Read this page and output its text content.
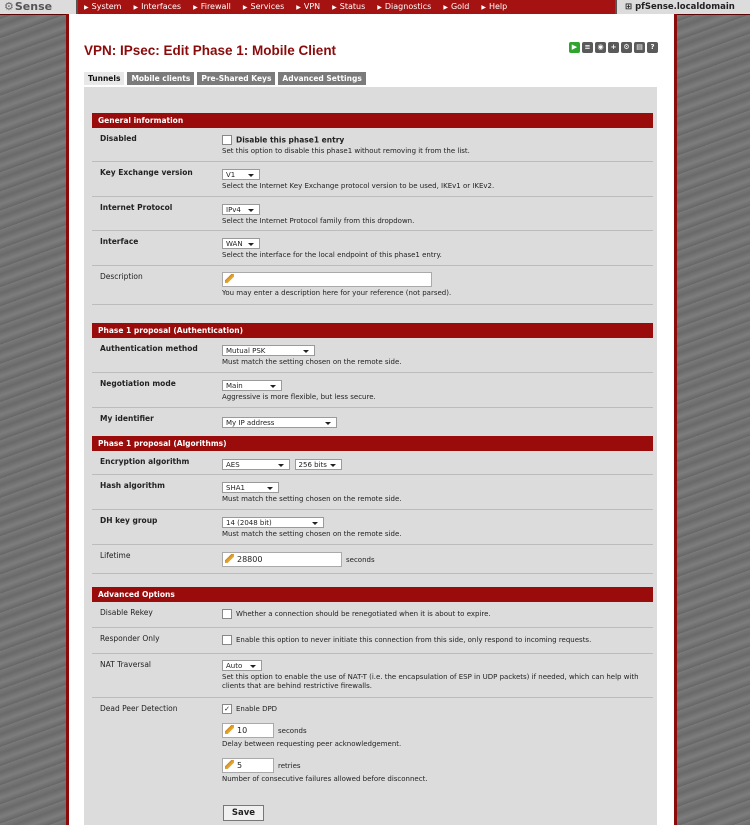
⚙Sense	▶ System ▶ Interfaces ▶ Firewall ▶ Services ▶ VPN ▶ Status ▶ Diagnostics ▶ Gold ▶ Help	⊞ pfSense.localdomain
VPN: IPsec: Edit Phase 1: Mobile Client	▶	≡	◉	+ ⚙ ▤	?
Tunnels	Mobile clients	Pre-Shared Keys	Advanced Settings
General information
Disabled	Disable this phase1 entry
Set this option to disable this phase1 without removing it from the list.
Key Exchange version	V1
Select the Internet Key Exchange protocol version to be used, IKEv1 or IKEv2.
Internet Protocol	IPv4
Select the Internet Protocol family from this dropdown.
Interface	WAN
Select the interface for the local endpoint of this phase1 entry.
Description
You may enter a description here for your reference (not parsed).
Phase 1 proposal (Authentication)
Authentication method	Mutual PSK
Must match the setting chosen on the remote side.
Negotiation mode	Main
Aggressive is more flexible, but less secure.
My identifier	My IP address
Phase 1 proposal (Algorithms)
Encryption algorithm	AES	256 bits
Hash algorithm	SHA1
Must match the setting chosen on the remote side.
DH key group	14 (2048 bit)
Must match the setting chosen on the remote side.
Lifetime	28800	seconds
Advanced Options
Disable Rekey	Whether a connection should be renegotiated when it is about to expire.
Responder Only	Enable this option to never initiate this connection from this side, only respond to incoming requests.
NAT Traversal	Auto
Set this option to enable the use of NAT-T (i.e. the encapsulation of ESP in UDP packets) if needed, which can help with
clients that are behind restrictive firewalls.
Dead Peer Detection	✓ Enable DPD
10	seconds
Delay between requesting peer acknowledgement.
5	retries
Number of consecutive failures allowed before disconnect.
Save
